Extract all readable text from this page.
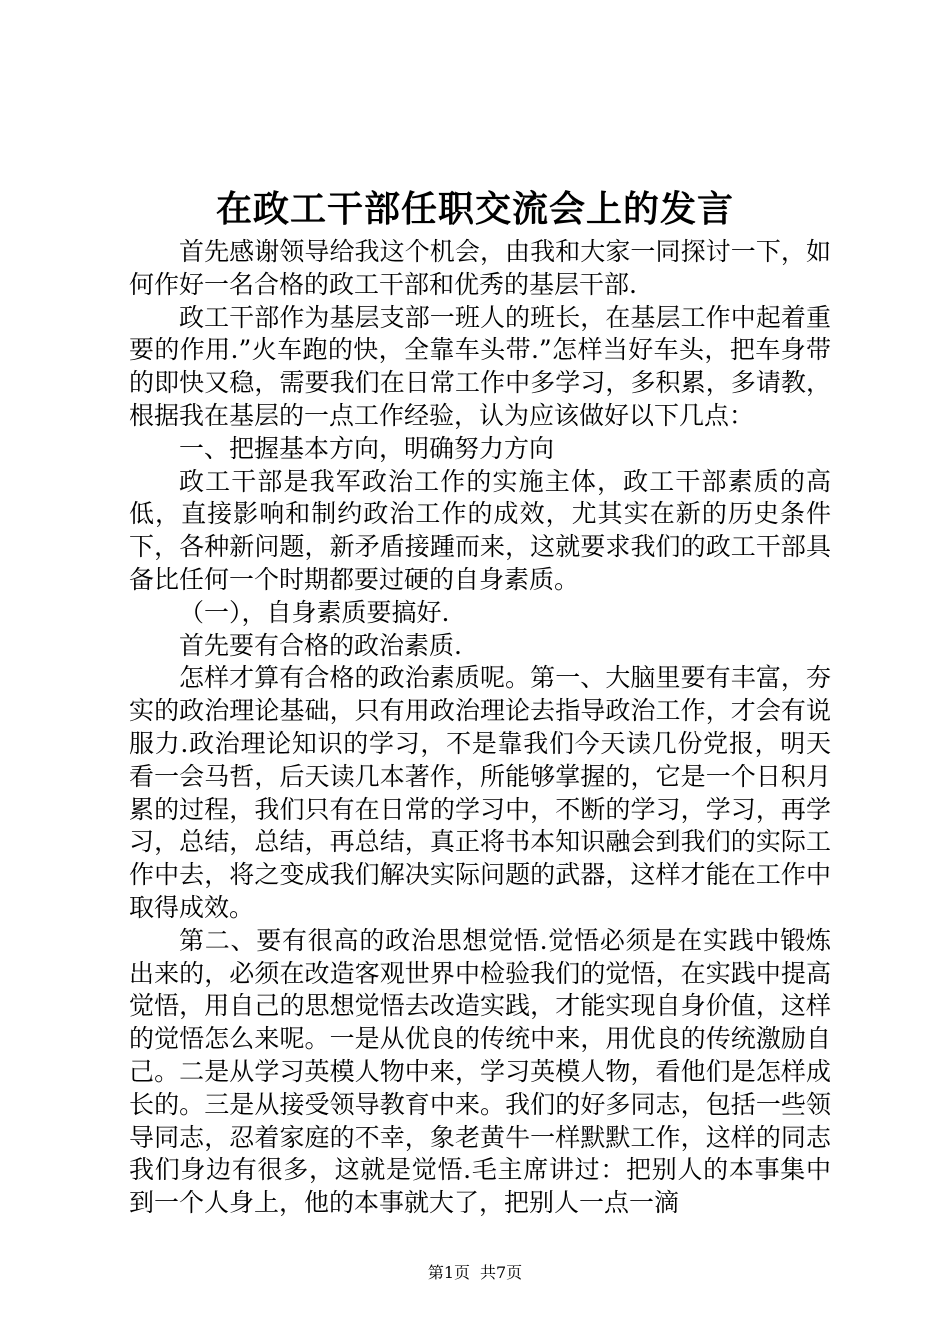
在政工干部任职交流会上的发言

首先感谢领导给我这个机会，由我和大家一同探讨一下，如何作好一名合格的政工干部和优秀的基层干部.

政工干部作为基层支部一班人的班长，在基层工作中起着重要的作用.”火车跑的快，全靠车头带.”怎样当好车头，把车身带的即快又稳，需要我们在日常工作中多学习，多积累，多请教，根据我在基层的一点工作经验，认为应该做好以下几点：

一、把握基本方向，明确努力方向

政工干部是我军政治工作的实施主体，政工干部素质的高低，直接影响和制约政治工作的成效，尤其实在新的历史条件下，各种新问题，新矛盾接踵而来，这就要求我们的政工干部具备比任何一个时期都要过硬的自身素质。

（一），自身素质要搞好.

首先要有合格的政治素质.

怎样才算有合格的政治素质呢。第一、大脑里要有丰富，夯实的政治理论基础，只有用政治理论去指导政治工作，才会有说服力.政治理论知识的学习，不是靠我们今天读几份党报，明天看一会马哲，后天读几本著作，所能够掌握的，它是一个日积月累的过程，我们只有在日常的学习中，不断的学习，学习，再学习，总结，总结，再总结，真正将书本知识融会到我们的实际工作中去，将之变成我们解决实际问题的武器，这样才能在工作中取得成效。

第二、要有很高的政治思想觉悟.觉悟必须是在实践中锻炼出来的，必须在改造客观世界中检验我们的觉悟，在实践中提高觉悟，用自己的思想觉悟去改造实践，才能实现自身价值，这样的觉悟怎么来呢。一是从优良的传统中来，用优良的传统激励自己。二是从学习英模人物中来，学习英模人物，看他们是怎样成长的。三是从接受领导教育中来。我们的好多同志，包括一些领导同志，忍着家庭的不幸，象老黄牛一样默默工作，这样的同志我们身边有很多，这就是觉悟.毛主席讲过：把别人的本事集中到一个人身上，他的本事就大了，把别人一点一滴

第1页 共7页
